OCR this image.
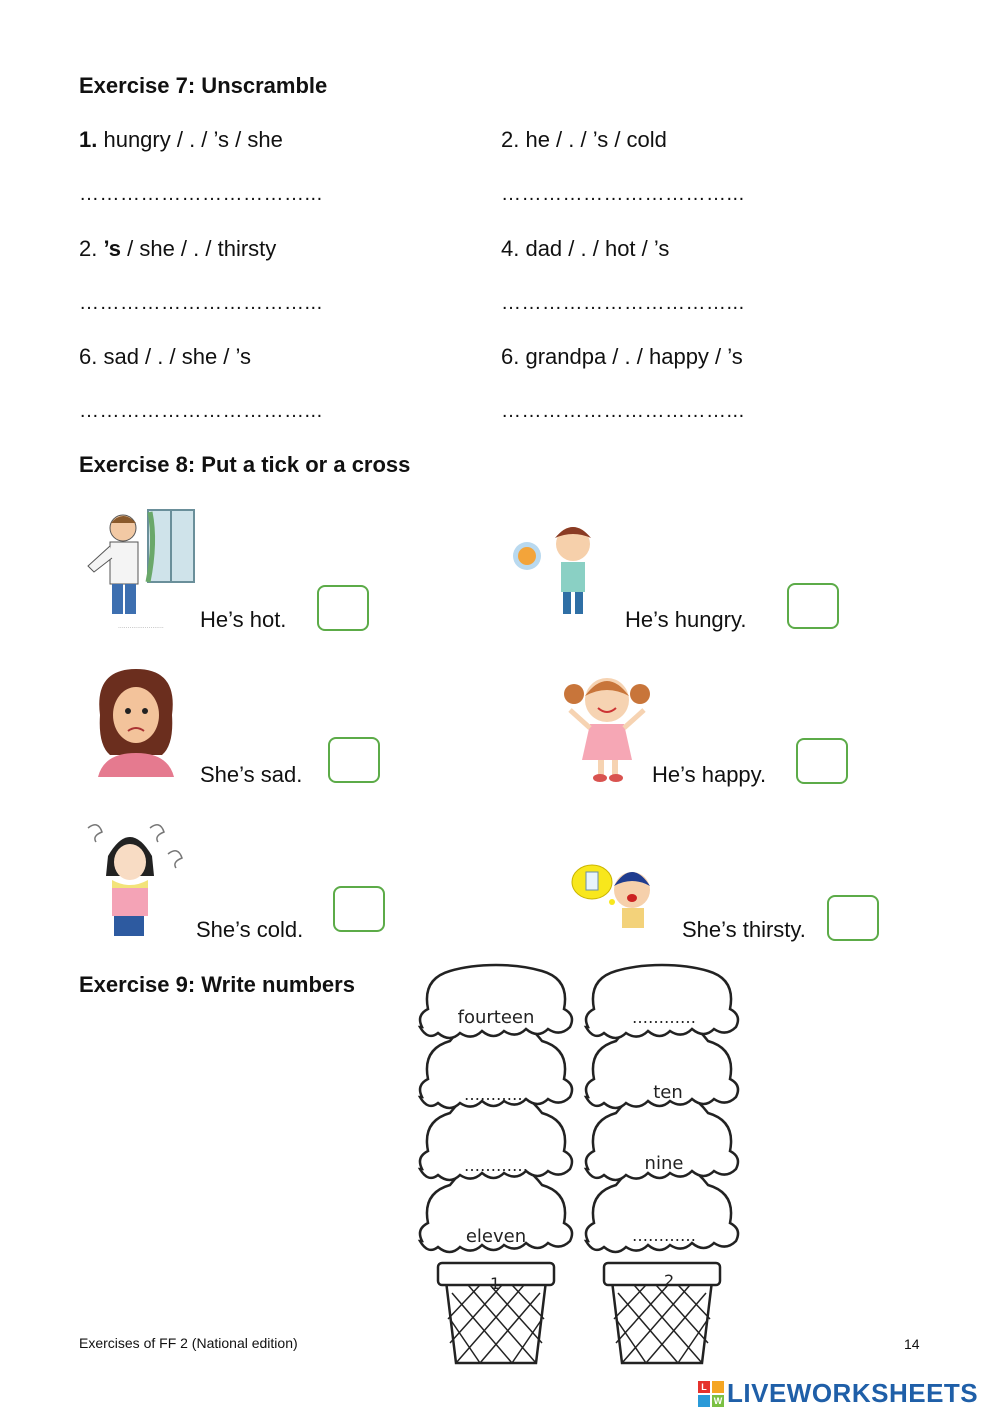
Exercise 7: Unscramble
1. hungry / . / ’s / she	2. he / . / ’s / cold
……………………………...	……………………………...
2. ’s / she / . / thirsty	4. dad / . / hot / ’s
……………………………...	……………………………...
6. sad / . / she / ’s	6. grandpa / . / happy / ’s
……………………………...	……………………………...
Exercise 8: Put a tick or a cross
........................ He’s hot.	He’s hungry.
She’s sad.	He’s happy.
She’s cold.	She’s thirsty.
Exercise 9: Write numbers
fourteen
…………
…………
eleven
1
…………
ten
nine
…………
2
Exercises of FF 2 (National edition)	14
L
W LIVEWORKSHEETS
